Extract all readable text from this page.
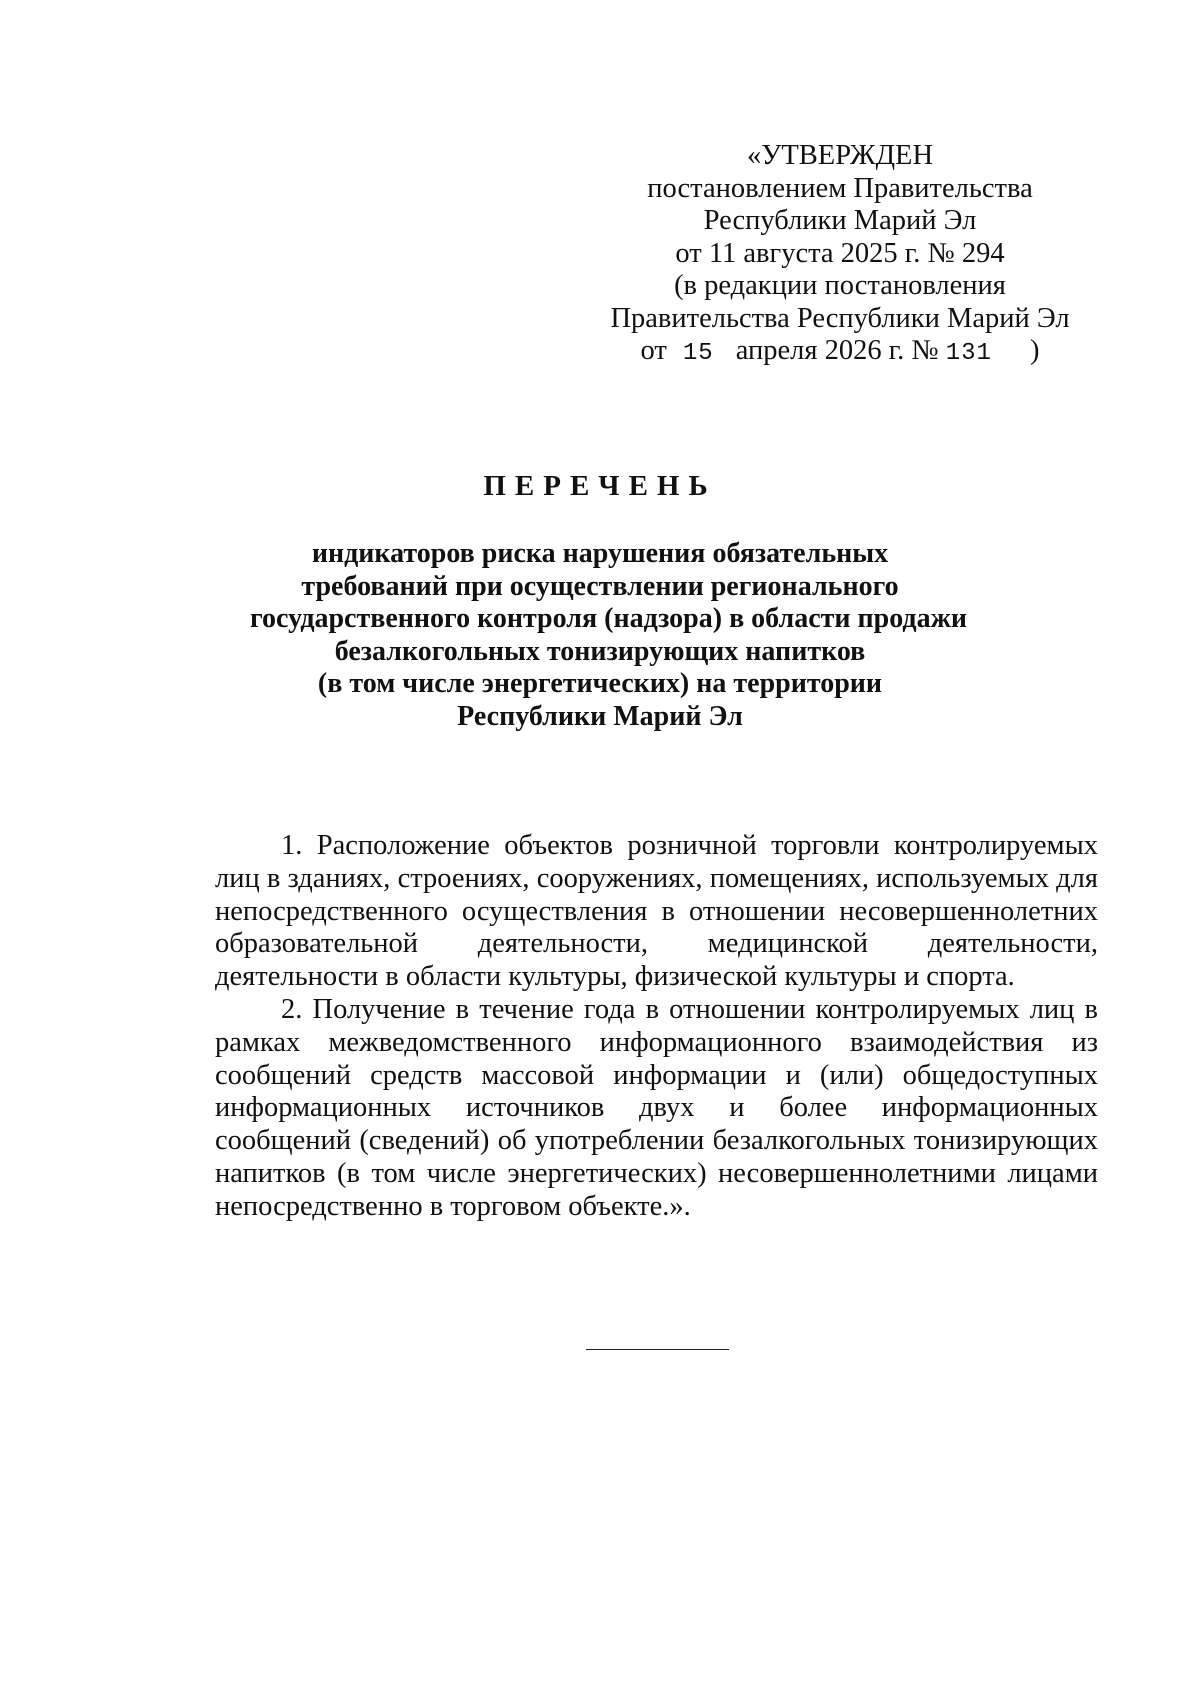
«УТВЕРЖДЕН
постановлением Правительства
Республики Марий Эл
от 11 августа 2025 г. № 294
(в редакции постановления
Правительства Республики Марий Эл
от 15 апреля 2026 г. № 131 )
ПЕРЕЧЕНЬ
индикаторов риска нарушения обязательных
требований при осуществлении регионального
государственного контроля (надзора) в области продажи
безалкогольных тонизирующих напитков
(в том числе энергетических) на территории
Республики Марий Эл

1. Расположение объектов розничной торговли контролируемых лиц в зданиях, строениях, сооружениях, помещениях, используемых для непосредственного осуществления в отношении несовершеннолетних образовательной деятельности, медицинской деятельности, деятельности в области культуры, физической культуры и спорта.

2. Получение в течение года в отношении контролируемых лиц в рамках межведомственного информационного взаимодействия из сообщений средств массовой информации и (или) общедоступных информационных источников двух и более информационных сообщений (сведений) об употреблении безалкогольных тонизирующих напитков (в том числе энергетических) несовершеннолетними лицами непосредственно в торговом объекте.».
